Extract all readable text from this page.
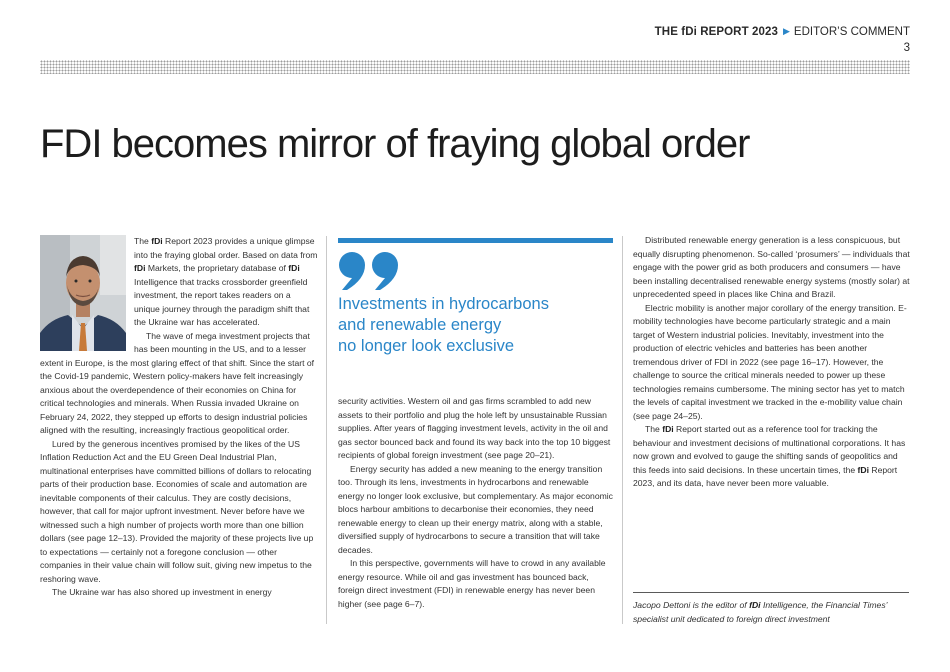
THE fDi REPORT 2023 ▶ EDITOR’S COMMENT
3
FDI becomes mirror of fraying global order

The fDi Report 2023 provides a unique glimpse into the fraying global order. Based on data from fDi Markets, the proprietary database of fDi Intelligence that tracks crossborder greenfield investment, the report takes readers on a unique journey through the paradigm shift that the Ukraine war has accelerated.

The wave of mega investment projects that has been mounting in the US, and to a lesser extent in Europe, is the most glaring effect of that shift. Since the start of the Covid-19 pandemic, Western policy-makers have felt increasingly anxious about the overdependence of their economies on China for critical technologies and minerals. When Russia invaded Ukraine on February 24, 2022, they stepped up efforts to design industrial policies aligned with the resulting, increasingly fractious geopolitical order.

Lured by the generous incentives promised by the likes of the US Inflation Reduction Act and the EU Green Deal Industrial Plan, multinational enterprises have committed billions of dollars to relocating parts of their production base. Economies of scale and automation are inevitable components of their calculus. They are costly decisions, however, that call for major upfront investment. Never before have we witnessed such a high number of projects worth more than one billion dollars (see page 12–13). Provided the majority of these projects live up to expectations — certainly not a foregone conclusion — other companies in their value chain will follow suit, giving new impetus to the reshoring wave.

The Ukraine war has also shored up investment in energy

Investments in hydrocarbons
and renewable energy
no longer look exclusive

security activities. Western oil and gas firms scrambled to add new assets to their portfolio and plug the hole left by unsustainable Russian supplies. After years of flagging investment levels, activity in the oil and gas sector bounced back and found its way back into the top 10 biggest recipients of global foreign investment (see page 20–21).

Energy security has added a new meaning to the energy transition too. Through its lens, investments in hydrocarbons and renewable energy no longer look exclusive, but complementary. As major economic blocs harbour ambitions to decarbonise their economies, they need renewable energy to clean up their energy matrix, along with a stable, diversified supply of hydrocarbons to secure a transition that will take decades.

In this perspective, governments will have to crowd in any available energy resource. While oil and gas investment has bounced back, foreign direct investment (FDI) in renewable energy has never been higher (see page 6–7).

Distributed renewable energy generation is a less conspicuous, but equally disrupting phenomenon. So-called ‘prosumers’ — individuals that engage with the power grid as both producers and consumers — have been installing decentralised renewable energy systems (mostly solar) at unprecedented speed in places like China and Brazil.

Electric mobility is another major corollary of the energy transition. E-mobility technologies have become particularly strategic and a main target of Western industrial policies. Inevitably, investment into the production of electric vehicles and batteries has been another tremendous driver of FDI in 2022 (see page 16–17). However, the challenge to source the critical minerals needed to power up these technologies remains cumbersome. The mining sector has yet to match the levels of capital investment we tracked in the e-mobility value chain (see page 24–25).

The fDi Report started out as a reference tool for tracking the behaviour and investment decisions of multinational corporations. It has now grown and evolved to gauge the shifting sands of geopolitics and this feeds into said decisions. In these uncertain times, the fDi Report 2023, and its data, have never been more valuable.

Jacopo Dettoni is the editor of fDi Intelligence, the Financial Times’ specialist unit dedicated to foreign direct investment
